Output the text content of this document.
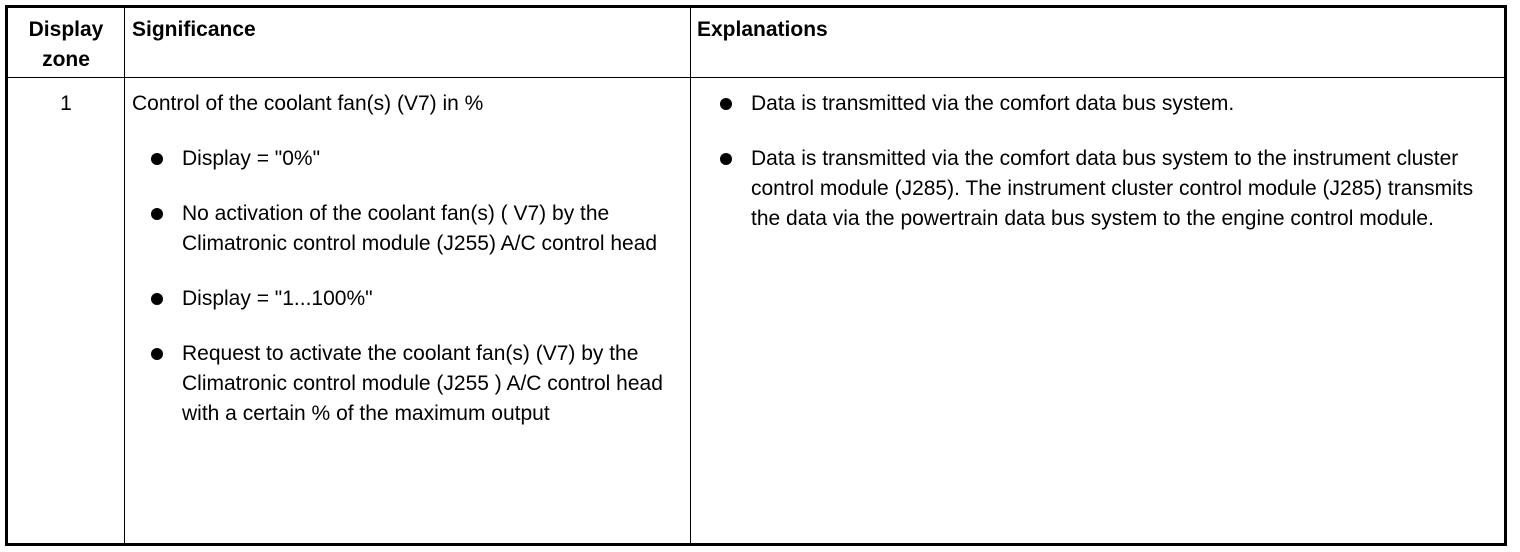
Display zone
Significance	Explanations
1	Control of the coolant fan(s) (V7) in %
Display = "0%"
No activation of the coolant fan(s) ( V7) by the Climatronic control module (J255) A/C control head
Display = "1...100%"
Request to activate the coolant fan(s) (V7) by the Climatronic control module (J255 ) A/C control head with a certain % of the maximum output
Data is transmitted via the comfort data bus system.
Data is transmitted via the comfort data bus system to the instrument cluster control module (J285). The instrument cluster control module (J285) transmits the data via the powertrain data bus system to the engine control module.
